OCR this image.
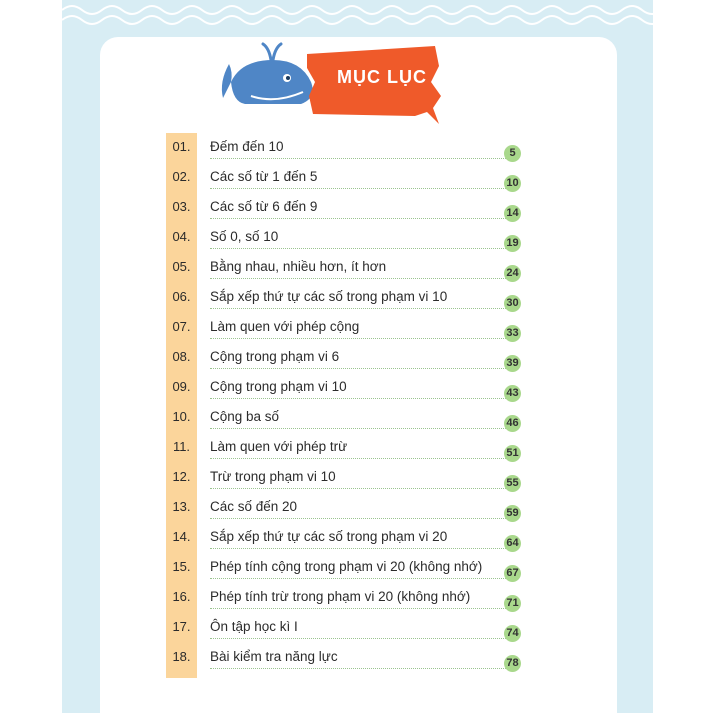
MỤC LỤC
01.	Đếm đến 10	5
02.	Các số từ 1 đến 5	10
03.	Các số từ 6 đến 9	14
04.	Số 0, số 10	19
05.	Bằng nhau, nhiều hơn, ít hơn	24
06.	Sắp xếp thứ tự các số trong phạm vi 10	30
07.	Làm quen với phép cộng	33
08.	Cộng trong phạm vi 6	39
09.	Cộng trong phạm vi 10	43
10.	Cộng ba số	46
11.	Làm quen với phép trừ	51
12.	Trừ trong phạm vi 10	55
13.	Các số đến 20	59
14.	Sắp xếp thứ tự các số trong phạm vi 20	64
15.	Phép tính cộng trong phạm vi 20 (không nhớ) 67
16.	Phép tính trừ trong phạm vi 20 (không nhớ)	71
17.	Ôn tập học kì I	74
18.	Bài kiểm tra năng lực	78
